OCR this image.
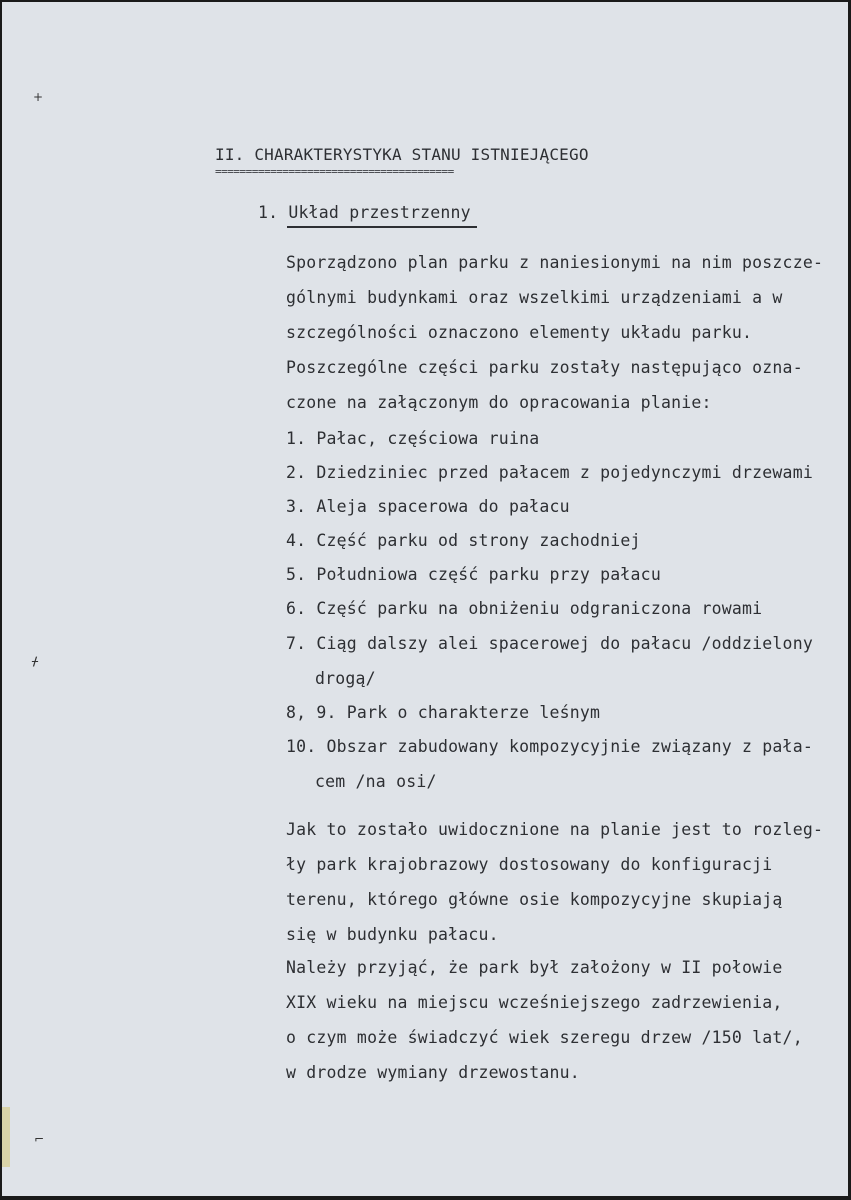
+
ᚋ
⌐
II. CHARAKTERYSTYKA STANU ISTNIEJĄCEGO
=======================================
1. Układ przestrzenny
Sporządzono plan parku z naniesionymi na nim poszcze-
gólnymi budynkami oraz wszelkimi urządzeniami a w
szczególności oznaczono elementy układu parku.
Poszczególne części parku zostały następująco ozna-
czone na załączonym do opracowania planie:
1. Pałac, częściowa ruina
2. Dziedziniec przed pałacem z pojedynczymi drzewami
3. Aleja spacerowa do pałacu
4. Część parku od strony zachodniej
5. Południowa część parku przy pałacu
6. Część parku na obniżeniu odgraniczona rowami
7. Ciąg dalszy alei spacerowej do pałacu /oddzielony
drogą/
8, 9. Park o charakterze leśnym
10. Obszar zabudowany kompozycyjnie związany z pała-
cem /na osi/
Jak to zostało uwidocznione na planie jest to rozleg-
ły park krajobrazowy dostosowany do konfiguracji
terenu, którego główne osie kompozycyjne skupiają
się w budynku pałacu.
Należy przyjąć, że park był założony w II połowie
XIX wieku na miejscu wcześniejszego zadrzewienia,
o czym może świadczyć wiek szeregu drzew /150 lat/,
w drodze wymiany drzewostanu.
